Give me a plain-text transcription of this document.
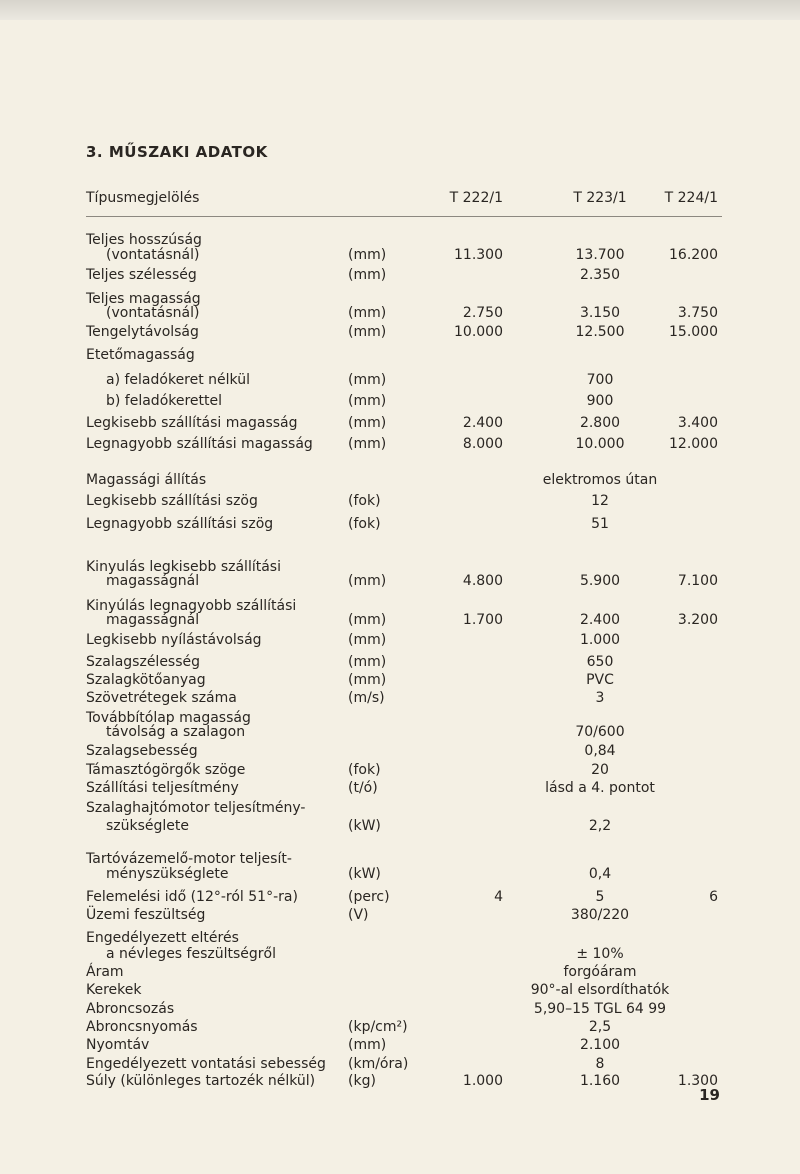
3. MŰSZAKI ADATOK
Típusmegjelölés	T 222/1	T 223/1	T 224/1
Teljes hosszúság
(vontatásnál)	(mm)	11.300	13.700	16.200
Teljes szélesség	(mm)	2.350
Teljes magasság
(vontatásnál)	(mm)	2.750	3.150	3.750
Tengelytávolság	(mm)	10.000	12.500	15.000
Etetőmagasság
a) feladókeret nélkül	(mm)	700
b) feladókerettel	(mm)	900
Legkisebb szállítási magasság	(mm)	2.400	2.800	3.400
Legnagyobb szállítási magasság	(mm)	8.000	10.000	12.000
Magassági állítás	elektromos útan
Legkisebb szállítási szög	(fok)	12
Legnagyobb szállítási szög	(fok)	51
Kinyulás legkisebb szállítási
magasságnál	(mm)	4.800	5.900	7.100
Kinyúlás legnagyobb szállítási
magasságnál	(mm)	1.700	2.400	3.200
Legkisebb nyílástávolság	(mm)	1.000
Szalagszélesség	(mm)	650
Szalagkötőanyag	(mm)	PVC
Szövetrétegek száma	(m/s)	3
Továbbítólap magasság
távolság a szalagon	70/600
Szalagsebesség	0,84
Támasztógörgők szöge	(fok)	20
Szállítási teljesítmény	(t/ó)	lásd a 4. pontot
Szalaghajtómotor teljesítmény-
szükséglete	(kW)	2,2
Tartóvázemelő-motor teljesít-
ményszükséglete	(kW)	0,4
Felemelési idő (12°-ról 51°-ra)	(perc)	4	5	6
Üzemi feszültség	(V)	380/220
Engedélyezett eltérés
a névleges feszültségről	± 10%
Áram	forgóáram
Kerekek	90°-al elsordíthatók
Abroncsozás	5,90–15 TGL 64 99
Abroncsnyomás	(kp/cm²)	2,5
Nyomtáv	(mm)	2.100
Engedélyezett vontatási sebesség (km/óra)	8
Súly (különleges tartozék nélkül) (kg)	1.000	1.160	1.300
19
